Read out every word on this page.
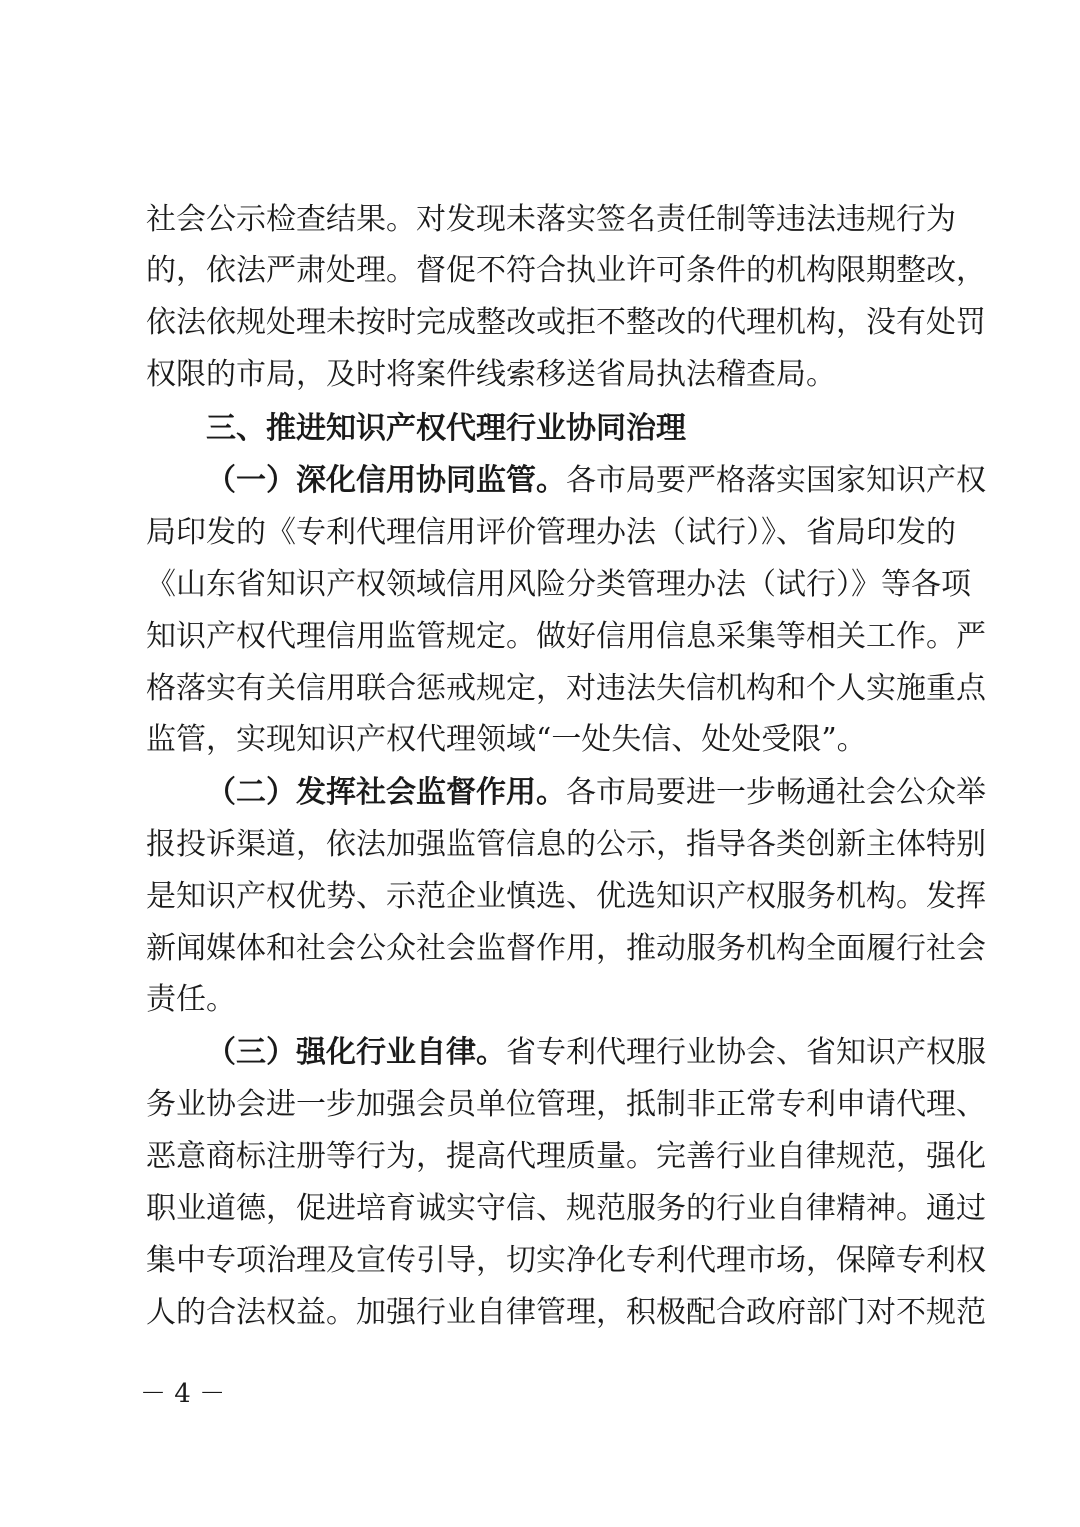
社会公示检查结果。对发现未落实签名责任制等违法违规行为
的，依法严肃处理。督促不符合执业许可条件的机构限期整改，
依法依规处理未按时完成整改或拒不整改的代理机构，没有处罚
权限的市局，及时将案件线索移送省局执法稽查局。
三、推进知识产权代理行业协同治理
（一）深化信用协同监管。各市局要严格落实国家知识产权
局印发的《专利代理信用评价管理办法（试行）》、省局印发的
《山东省知识产权领域信用风险分类管理办法（试行）》等各项
知识产权代理信用监管规定。做好信用信息采集等相关工作。严
格落实有关信用联合惩戒规定，对违法失信机构和个人实施重点
监管，实现知识产权代理领域“一处失信、处处受限”。
（二）发挥社会监督作用。各市局要进一步畅通社会公众举
报投诉渠道，依法加强监管信息的公示，指导各类创新主体特别
是知识产权优势、示范企业慎选、优选知识产权服务机构。发挥
新闻媒体和社会公众社会监督作用，推动服务机构全面履行社会
责任。
（三）强化行业自律。省专利代理行业协会、省知识产权服
务业协会进一步加强会员单位管理，抵制非正常专利申请代理、
恶意商标注册等行为，提高代理质量。完善行业自律规范，强化
职业道德，促进培育诚实守信、规范服务的行业自律精神。通过
集中专项治理及宣传引导，切实净化专利代理市场，保障专利权
人的合法权益。加强行业自律管理，积极配合政府部门对不规范
－ 4 －
